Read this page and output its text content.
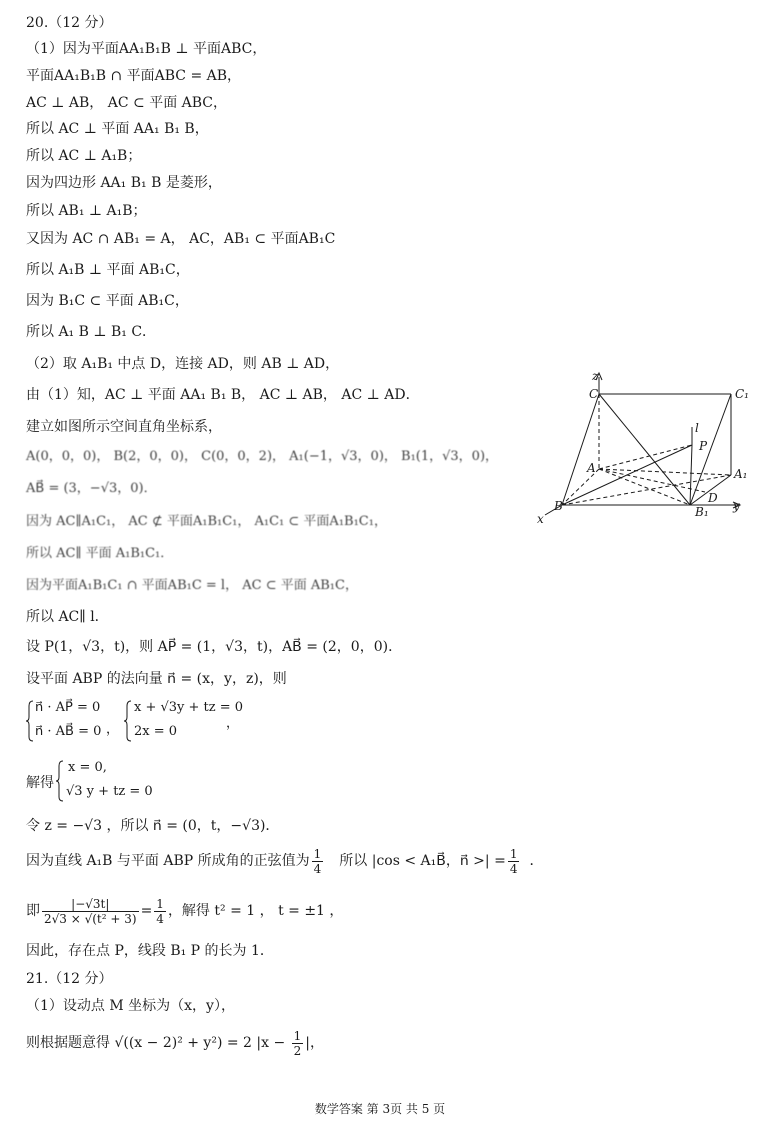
20.（12 分）
（1）因为平面AA₁B₁B ⊥ 平面ABC，
平面AA₁B₁B ∩ 平面ABC = AB，
AC ⊥ AB， AC ⊂ 平面 ABC，
所以 AC ⊥ 平面 AA₁ B₁ B，
所以 AC ⊥ A₁B；
因为四边形 AA₁ B₁ B 是菱形，
所以 AB₁ ⊥ A₁B；
又因为 AC ∩ AB₁ = A， AC，AB₁ ⊂ 平面AB₁C
所以 A₁B ⊥ 平面 AB₁C，
因为 B₁C ⊂ 平面 AB₁C，
所以 A₁ B ⊥ B₁ C．
（2）取 A₁B₁ 中点 D，连接 AD，则 AB ⊥ AD，
由（1）知，AC ⊥ 平面 AA₁ B₁ B， AC ⊥ AB， AC ⊥ AD．
建立如图所示空间直角坐标系，
A(0，0，0)， B(2，0，0)， C(0，0，2)， A₁(−1，√3，0)， B₁(1，√3，0)，
AB⃗ = (3，−√3，0)．
因为 AC∥A₁C₁， AC ⊄ 平面A₁B₁C₁， A₁C₁ ⊂ 平面A₁B₁C₁，
所以 AC∥ 平面 A₁B₁C₁．
因为平面A₁B₁C₁ ∩ 平面AB₁C = l， AC ⊂ 平面 AB₁C，
所以 AC∥ l．
设 P(1，√3，t)，则 AP⃗ = (1，√3，t)，AB⃗ = (2，0，0)．
设平面 ABP 的法向量 n⃗ = (x，y，z)，则
n⃗ · AP⃗ = 0
n⃗ · AB⃗ = 0 ，
x + √3y + tz = 0
2x = 0
，
解得
x = 0,
√3 y + tz = 0
令 z = −√3 ，所以 n⃗ = (0，t，−√3)．
因为直线 A₁B 与平面 ABP 所成角的正弦值为 $\frac{1}{4}$ 所以 |cos < A₁B⃗，n⃗ >| = $\frac{1}{4}$ ．
即 $\frac{|-√3t|}{\text{2√3 × √(t² + 3)}} = \frac{1}{4}$ ，解得 t² = 1 ， t = ±1 ，
因此，存在点 P，线段 B₁ P 的长为 1．
21.（12 分）
（1）设动点 M 坐标为（x，y），
则根据题意得 √((x − 2)² + y²) = 2 $|x - \frac{1}{2}$ |，
z
C	C₁
l
P
A	A₁
B
D
B₁
x
y
数学答案 第 3页 共 5 页
